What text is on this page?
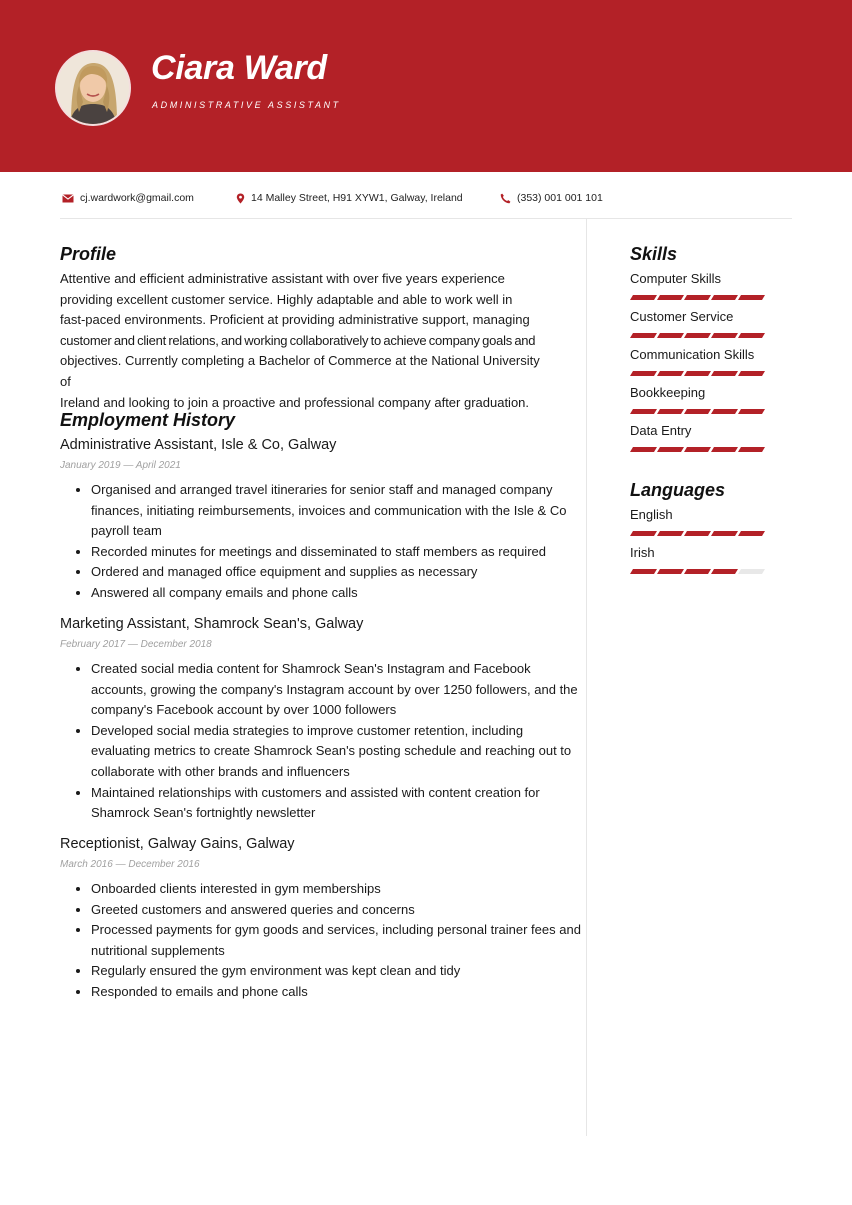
Ciara Ward
ADMINISTRATIVE ASSISTANT
cj.wardwork@gmail.com	14 Malley Street, H91 XYW1, Galway, Ireland	(353) 001 001 101
Profile
Attentive and efficient administrative assistant with over five years experience
providing excellent customer service. Highly adaptable and able to work well in
fast-paced environments. Proficient at providing administrative support, managing
customer and client relations, and working collaboratively to achieve company goals and
objectives. Currently completing a Bachelor of Commerce at the National University of
Ireland and looking to join a proactive and professional company after graduation.
Employment History
Administrative Assistant, Isle & Co, Galway
January 2019 — April 2021
• Organised and arranged travel itineraries for senior staff and managed company finances, initiating reimbursements, invoices and communication with the Isle & Co payroll team
• Recorded minutes for meetings and disseminated to staff members as required
• Ordered and managed office equipment and supplies as necessary
• Answered all company emails and phone calls
Marketing Assistant, Shamrock Sean's, Galway
February 2017 — December 2018
• Created social media content for Shamrock Sean's Instagram and Facebook accounts, growing the company's Instagram account by over 1250 followers, and the company's Facebook account by over 1000 followers
• Developed social media strategies to improve customer retention, including evaluating metrics to create Shamrock Sean's posting schedule and reaching out to collaborate with other brands and influencers
• Maintained relationships with customers and assisted with content creation for Shamrock Sean's fortnightly newsletter
Receptionist, Galway Gains, Galway
March 2016 — December 2016
• Onboarded clients interested in gym memberships
• Greeted customers and answered queries and concerns
• Processed payments for gym goods and services, including personal trainer fees and nutritional supplements
• Regularly ensured the gym environment was kept clean and tidy
• Responded to emails and phone calls
Skills
Computer Skills
Customer Service
Communication Skills
Bookkeeping
Data Entry
Languages
English
Irish
